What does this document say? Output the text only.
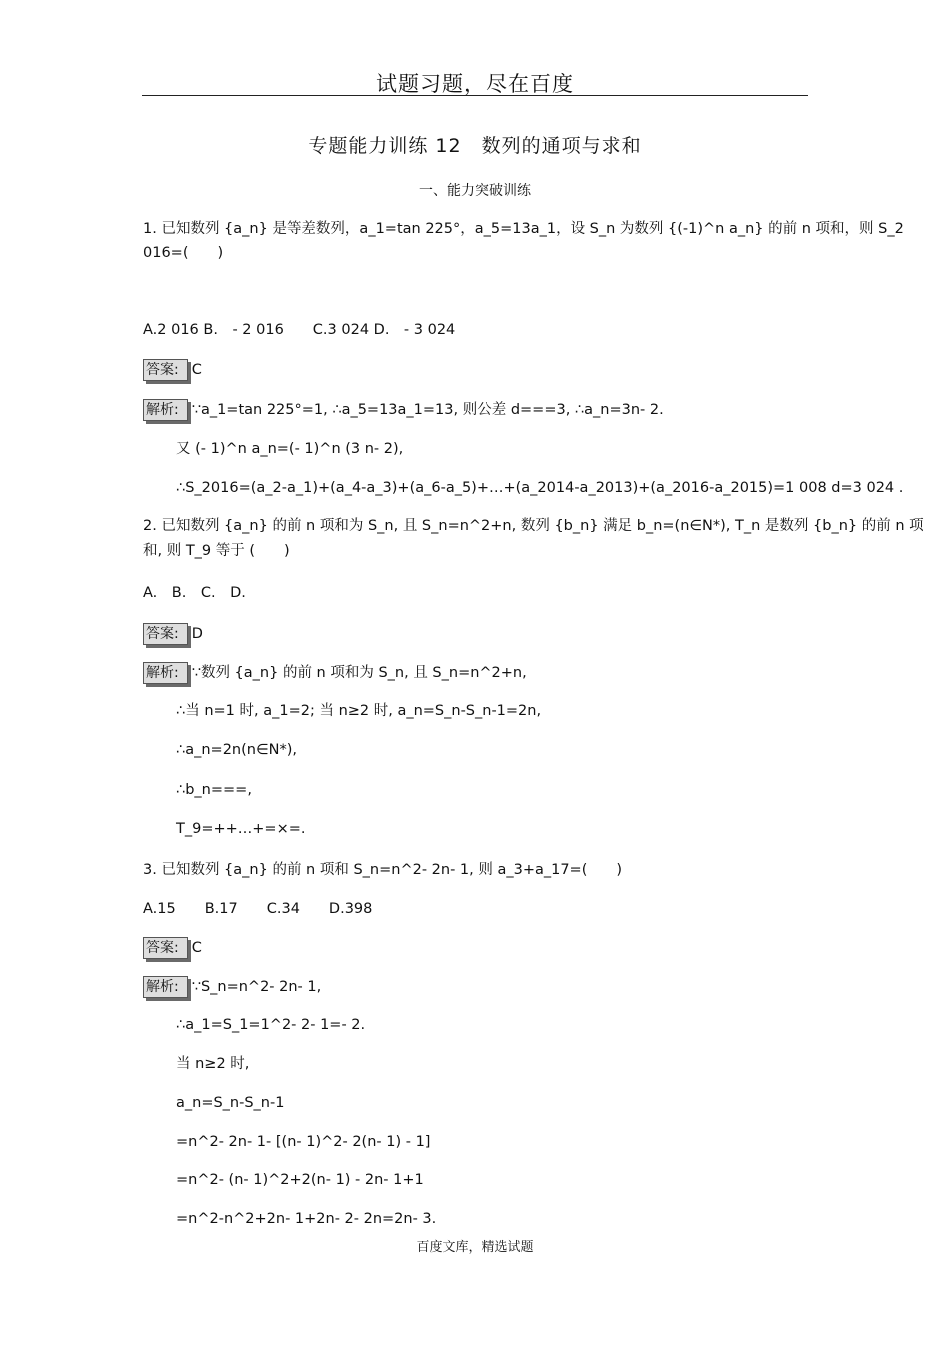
试题习题，尽在百度
专题能力训练 12　数列的通项与求和
一、能力突破训练
1. 已知数列 {a_n} 是等差数列，a_1=tan 225°，a_5=13a_1，设 S_n 为数列 {(-1)^n a_n} 的前 n 项和，则 S_2
016=(　　)
A.2 016 B.　- 2 016　　C.3 024 D.　- 3 024
答案: C
解析: ∵a_1=tan 225°=1, ∴a_5=13a_1=13, 则公差 d===3, ∴a_n=3n- 2.
又 (- 1)^n a_n=(- 1)^n (3 n- 2),
∴S_2016=(a_2-a_1)+(a_4-a_3)+(a_6-a_5)+…+(a_2014-a_2013)+(a_2016-a_2015)=1 008 d=3 024 .
2. 已知数列 {a_n} 的前 n 项和为 S_n, 且 S_n=n^2+n, 数列 {b_n} 满足 b_n=(n∈N*), T_n 是数列 {b_n} 的前 n 项
和, 则 T_9 等于 (　　)
A.　B.　C.　D.
答案: D
解析: ∵数列 {a_n} 的前 n 项和为 S_n, 且 S_n=n^2+n,
∴当 n=1 时, a_1=2; 当 n≥2 时, a_n=S_n-S_n-1=2n,
∴a_n=2n(n∈N*),
∴b_n===,
T_9=++…+=×=.
3. 已知数列 {a_n} 的前 n 项和 S_n=n^2- 2n- 1, 则 a_3+a_17=(　　)
A.15　　B.17　　C.34　　D.398
答案: C
解析: ∵S_n=n^2- 2n- 1,
∴a_1=S_1=1^2- 2- 1=- 2.
当 n≥2 时,
a_n=S_n-S_n-1
=n^2- 2n- 1- [(n- 1)^2- 2(n- 1) - 1]
=n^2- (n- 1)^2+2(n- 1) - 2n- 1+1
=n^2-n^2+2n- 1+2n- 2- 2n=2n- 3.
百度文库，精选试题
